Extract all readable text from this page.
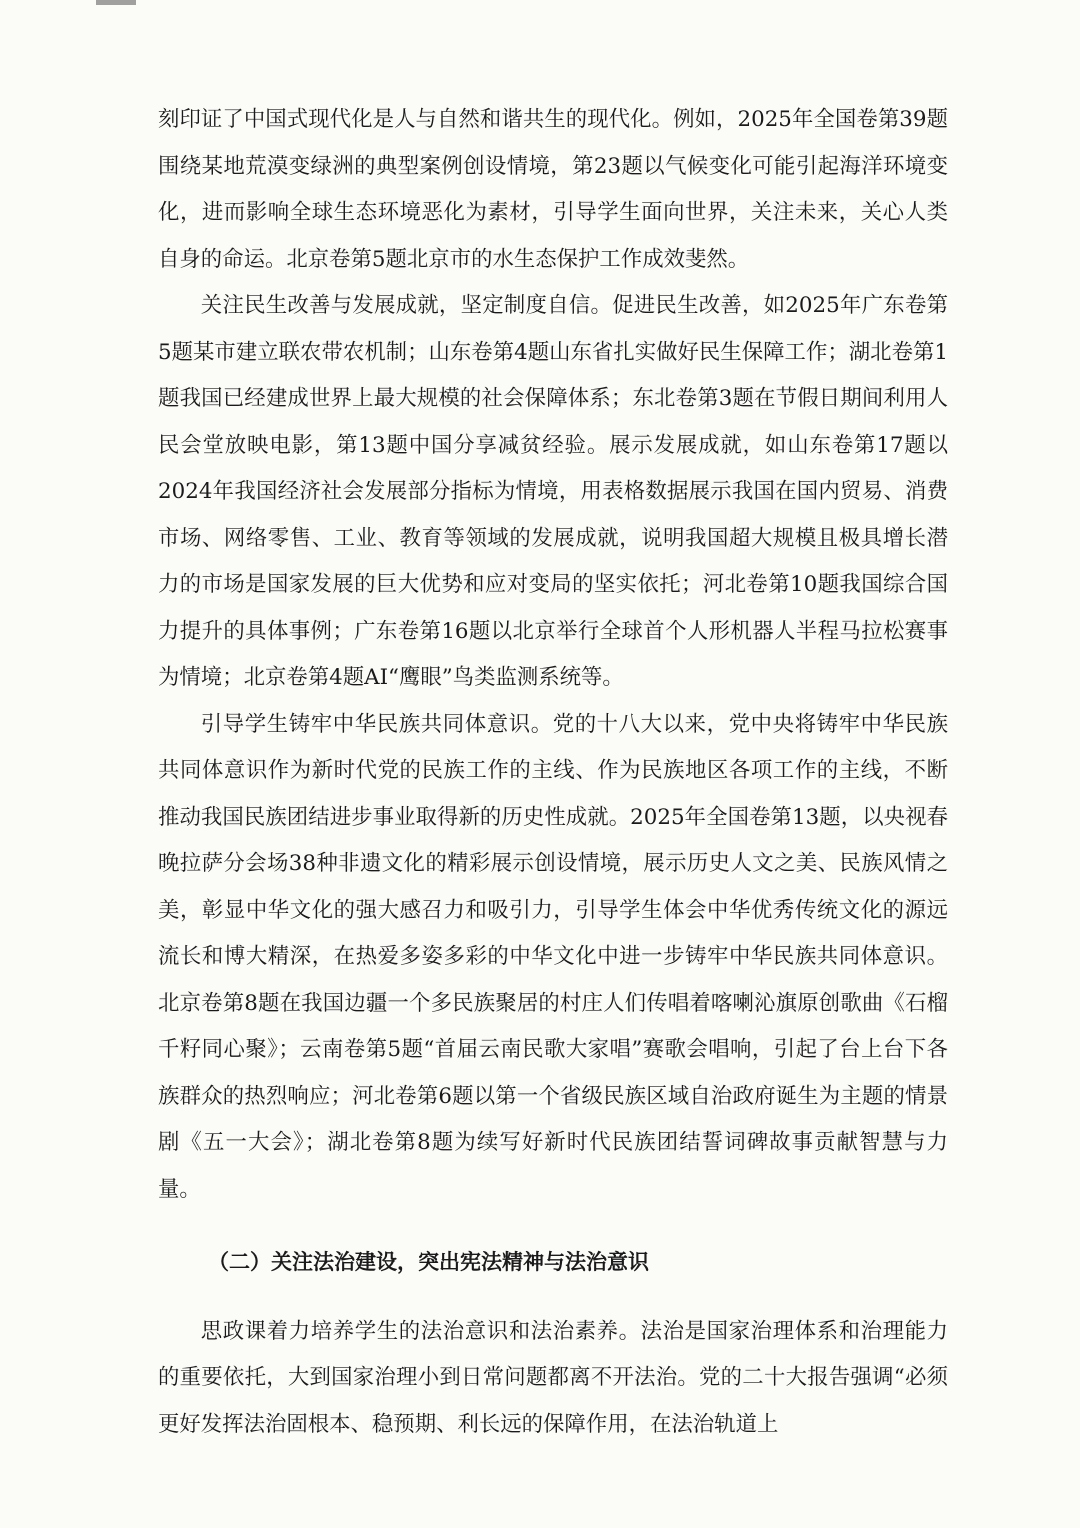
刻印证了中国式现代化是人与自然和谐共生的现代化。例如，2025年全国卷第39题围绕某地荒漠变绿洲的典型案例创设情境，第23题以气候变化可能引起海洋环境变化，进而影响全球生态环境恶化为素材，引导学生面向世界，关注未来，关心人类自身的命运。北京卷第5题北京市的水生态保护工作成效斐然。

关注民生改善与发展成就，坚定制度自信。促进民生改善，如2025年广东卷第5题某市建立联农带农机制；山东卷第4题山东省扎实做好民生保障工作；湖北卷第1题我国已经建成世界上最大规模的社会保障体系；东北卷第3题在节假日期间利用人民会堂放映电影，第13题中国分享减贫经验。展示发展成就，如山东卷第17题以2024年我国经济社会发展部分指标为情境，用表格数据展示我国在国内贸易、消费市场、网络零售、工业、教育等领域的发展成就，说明我国超大规模且极具增长潜力的市场是国家发展的巨大优势和应对变局的坚实依托；河北卷第10题我国综合国力提升的具体事例；广东卷第16题以北京举行全球首个人形机器人半程马拉松赛事为情境；北京卷第4题AI“鹰眼”鸟类监测系统等。

引导学生铸牢中华民族共同体意识。党的十八大以来，党中央将铸牢中华民族共同体意识作为新时代党的民族工作的主线、作为民族地区各项工作的主线，不断推动我国民族团结进步事业取得新的历史性成就。2025年全国卷第13题，以央视春晚拉萨分会场38种非遗文化的精彩展示创设情境，展示历史人文之美、民族风情之美，彰显中华文化的强大感召力和吸引力，引导学生体会中华优秀传统文化的源远流长和博大精深，在热爱多姿多彩的中华文化中进一步铸牢中华民族共同体意识。北京卷第8题在我国边疆一个多民族聚居的村庄人们传唱着喀喇沁旗原创歌曲《石榴千籽同心聚》；云南卷第5题“首届云南民歌大家唱”赛歌会唱响，引起了台上台下各族群众的热烈响应；河北卷第6题以第一个省级民族区域自治政府诞生为主题的情景剧《五一大会》；湖北卷第8题为续写好新时代民族团结誓词碑故事贡献智慧与力量。

（二）关注法治建设，突出宪法精神与法治意识

思政课着力培养学生的法治意识和法治素养。法治是国家治理体系和治理能力的重要依托，大到国家治理小到日常问题都离不开法治。党的二十大报告强调“必须更好发挥法治固根本、稳预期、利长远的保障作用，在法治轨道上
